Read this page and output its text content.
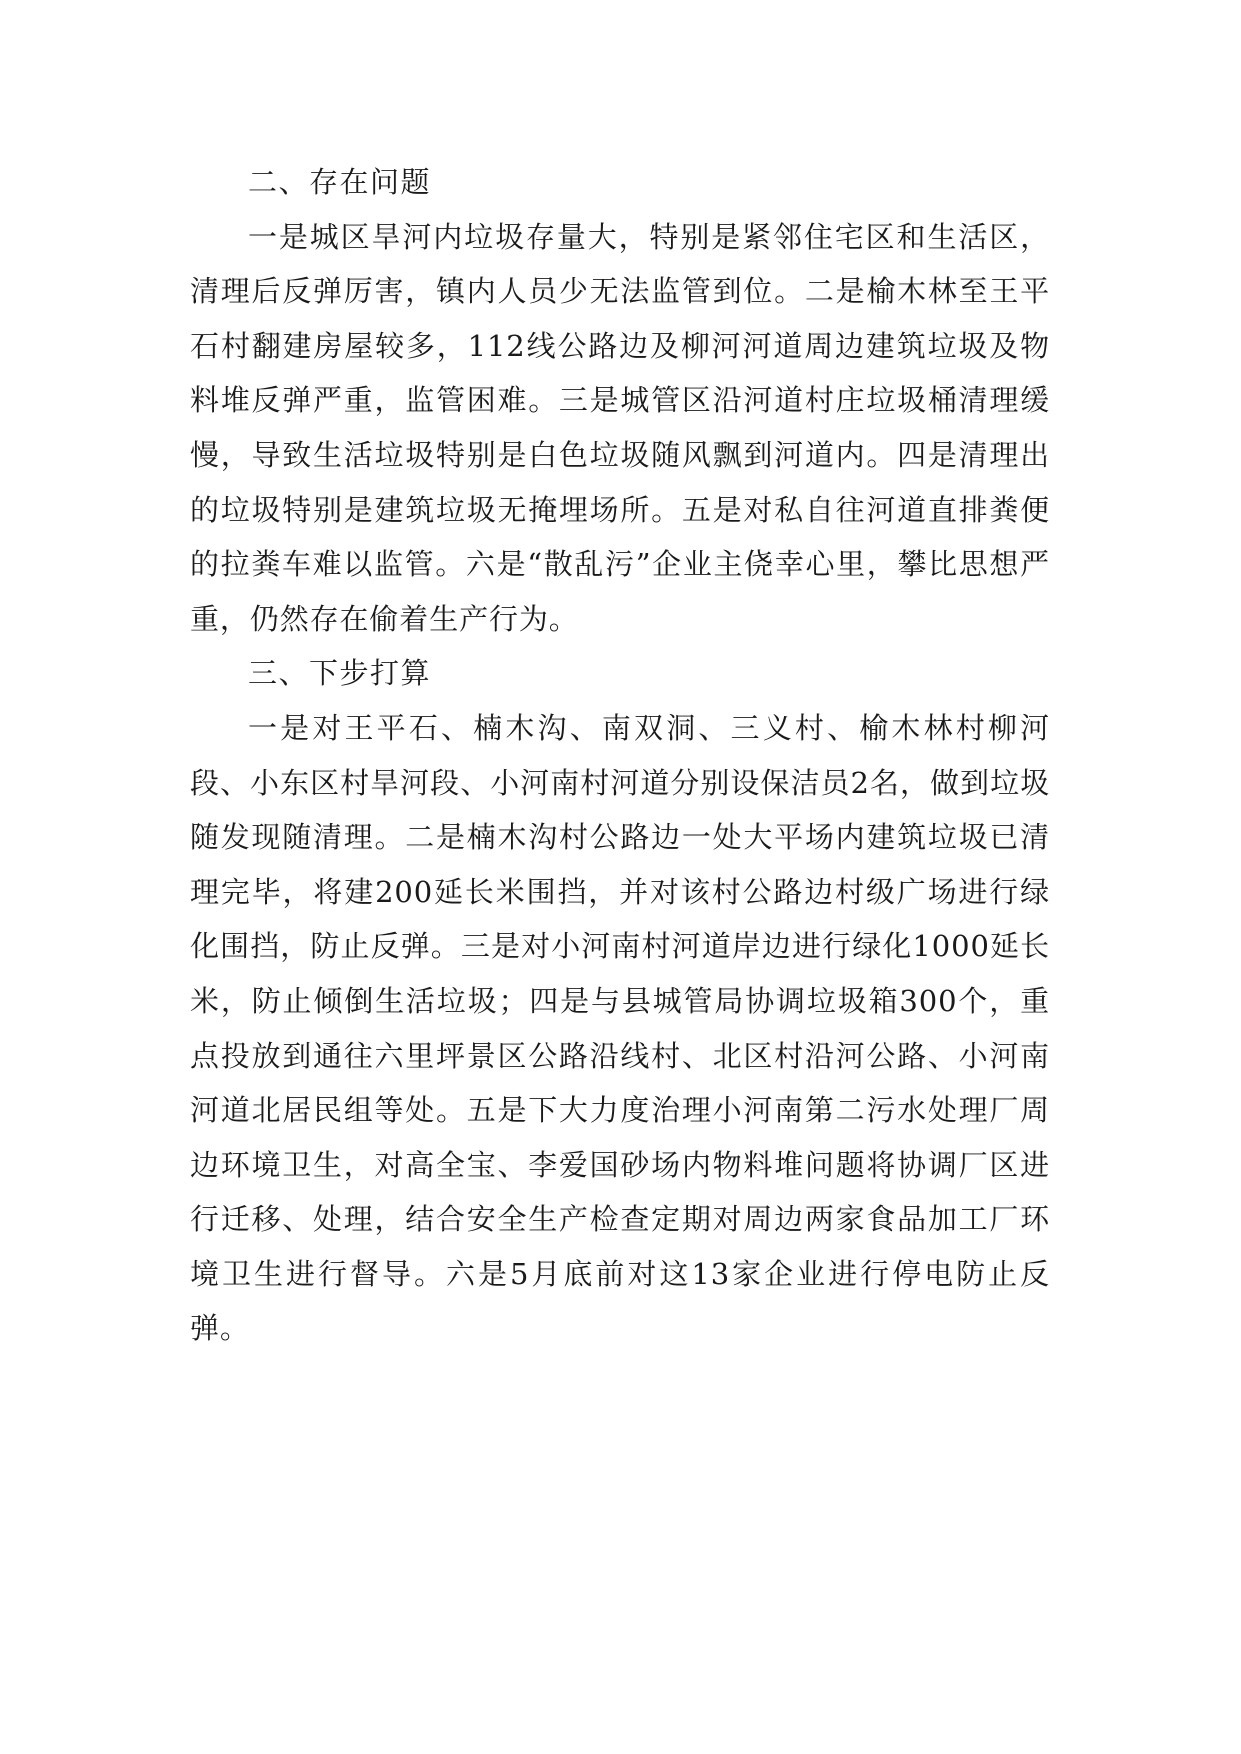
二、存在问题

一是城区旱河内垃圾存量大，特别是紧邻住宅区和生活区，清理后反弹厉害，镇内人员少无法监管到位。二是榆木林至王平石村翻建房屋较多，112线公路边及柳河河道周边建筑垃圾及物料堆反弹严重，监管困难。三是城管区沿河道村庄垃圾桶清理缓慢，导致生活垃圾特别是白色垃圾随风飘到河道内。四是清理出的垃圾特别是建筑垃圾无掩埋场所。五是对私自往河道直排粪便的拉粪车难以监管。六是“散乱污”企业主侥幸心里，攀比思想严重，仍然存在偷着生产行为。

三、下步打算

一是对王平石、楠木沟、南双洞、三义村、榆木林村柳河段、小东区村旱河段、小河南村河道分别设保洁员2名，做到垃圾随发现随清理。二是楠木沟村公路边一处大平场内建筑垃圾已清理完毕，将建200延长米围挡，并对该村公路边村级广场进行绿化围挡，防止反弹。三是对小河南村河道岸边进行绿化1000延长米，防止倾倒生活垃圾；四是与县城管局协调垃圾箱300个，重点投放到通往六里坪景区公路沿线村、北区村沿河公路、小河南河道北居民组等处。五是下大力度治理小河南第二污水处理厂周边环境卫生，对高全宝、李爱国砂场内物料堆问题将协调厂区进行迁移、处理，结合安全生产检查定期对周边两家食品加工厂环境卫生进行督导。六是5月底前对这13家企业进行停电防止反弹。
